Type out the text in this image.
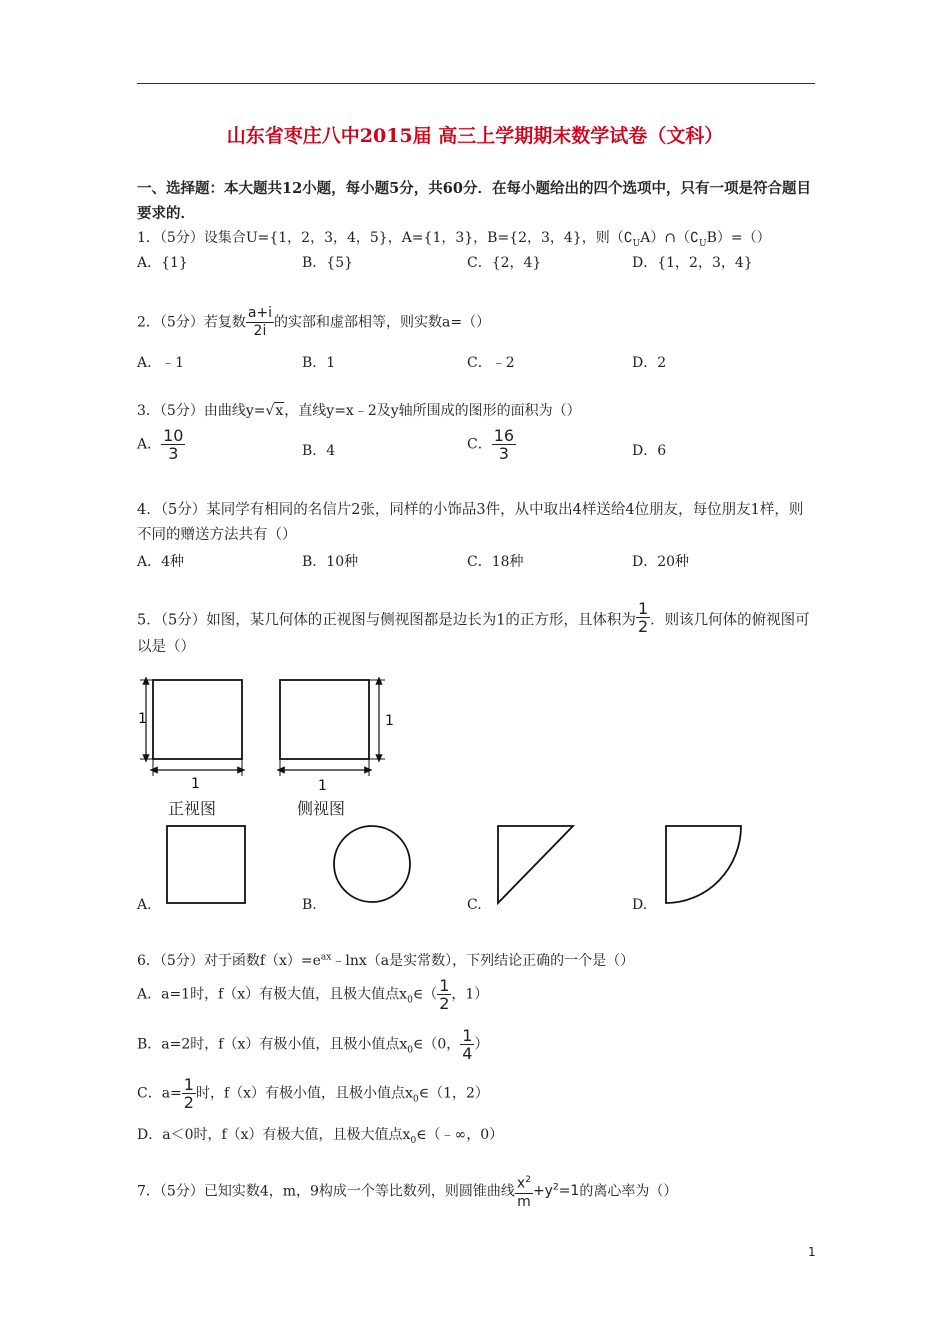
山东省枣庄八中2015届 高三上学期期末数学试卷（文科）
一、选择题：本大题共12小题，每小题5分，共60分．在每小题给出的四个选项中，只有一项是符合题目要求的．
1．（5分）设集合U={1，2，3，4，5}，A={1，3}，B={2，3，4}，则$(∁_UA)\cap(∁_UB)=()$
A．{1}	B．{5}	C．{2，4}	D．{1，2，3，4}
2．（5分）若复数 $\frac{a+i}{2i}$ 的实部和虚部相等，则实数a=（）
A．﹣1	B．1	C．﹣2	D．2
3．（5分）由曲线y=√x，直线y=x﹣2及y轴所围成的图形的面积为（）
A． $\frac{10}{3}$	B．4	C． $\frac{16}{3}$	D．6
4．（5分）某同学有相同的名信片2张，同样的小饰品3件，从中取出4样送给4位朋友，每位朋友1样，则不同的赠送方法共有（）
A．4种	B．10种	C．18种	D．20种
5．（5分）如图，某几何体的正视图与侧视图都是边长为1的正方形，且体积为 $\frac{1}{2}$ ．则该几何体的俯视图可以是（）
1
1
1
1
正视图	侧视图
A.	B.	C.	D.
6．（5分）对于函数$f(x)=e^{ax}﹣\ln x(a$是实常数），下列结论正确的一个是（）
A．a=1时，f（x）有极大值，且极大值点$x_0\in( \frac{1}{2}$ ，1）
B．a=2时，f（x）有极小值，且极小值点$x_0\in(0$， $\frac{1}{4}$ ）
C．$a= \frac{1}{2}$ 时，f（x）有极小值，且极小值点$x_0\in(1$，2）
D．a＜0时，f（x）有极大值，且极大值点$x_0\in(﹣\infty$，0）
7．（5分）已知实数4，m，9构成一个等比数列，则圆锥曲线 $\frac{x^2}{m} +y^2=1$的离心率为（）
1
